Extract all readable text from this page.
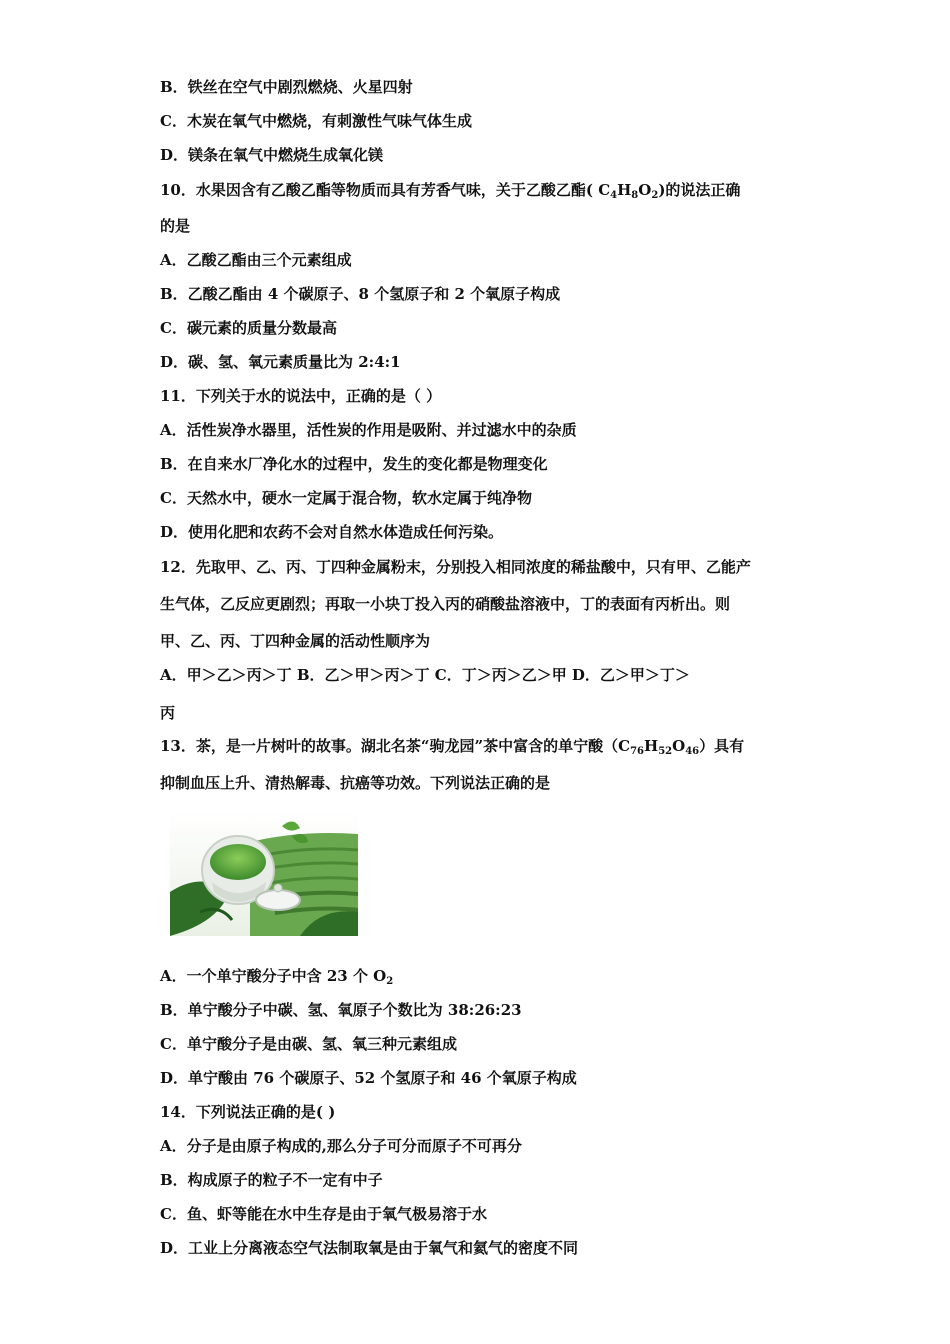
B．铁丝在空气中剧烈燃烧、火星四射
C．木炭在氧气中燃烧，有刺激性气味气体生成
D．镁条在氧气中燃烧生成氧化镁
10．水果因含有乙酸乙酯等物质而具有芳香气味，关于乙酸乙酯( $C_4H_8O_2$)的说法正确
的是
A．乙酸乙酯由三个元素组成
B．乙酸乙酯由 4 个碳原子、8 个氢原子和 2 个氧原子构成
C．碳元素的质量分数最高
D．碳、氢、氧元素质量比为 2:4:1
11．下列关于水的说法中，正确的是（ ）
A．活性炭净水器里，活性炭的作用是吸附、并过滤水中的杂质
B．在自来水厂净化水的过程中，发生的变化都是物理变化
C．天然水中，硬水一定属于混合物，软水定属于纯净物
D．使用化肥和农药不会对自然水体造成任何污染。
12．先取甲、乙、丙、丁四种金属粉末，分别投入相同浓度的稀盐酸中，只有甲、乙能产
生气体，乙反应更剧烈；再取一小块丁投入丙的硝酸盐溶液中，丁的表面有丙析出。则
甲、乙、丙、丁四种金属的活动性顺序为
A．甲＞乙＞丙＞丁 B．乙＞甲＞丙＞丁 C．丁＞丙＞乙＞甲 D．乙＞甲＞丁＞
丙
13．茶，是一片树叶的故事。湖北名茶“驹龙园”茶中富含的单宁酸$(C_{76}H_{52}O_{46})$具有
抑制血压上升、清热解毒、抗癌等功效。下列说法正确的是
A．一个单宁酸分子中含 23 个 $O_2$
B．单宁酸分子中碳、氢、氧原子个数比为 38:26:23
C．单宁酸分子是由碳、氢、氧三种元素组成
D．单宁酸由 76 个碳原子、52 个氢原子和 46 个氧原子构成
14．下列说法正确的是( )
A．分子是由原子构成的,那么分子可分而原子不可再分
B．构成原子的粒子不一定有中子
C．鱼、虾等能在水中生存是由于氧气极易溶于水
D．工业上分离液态空气法制取氧是由于氧气和氦气的密度不同
